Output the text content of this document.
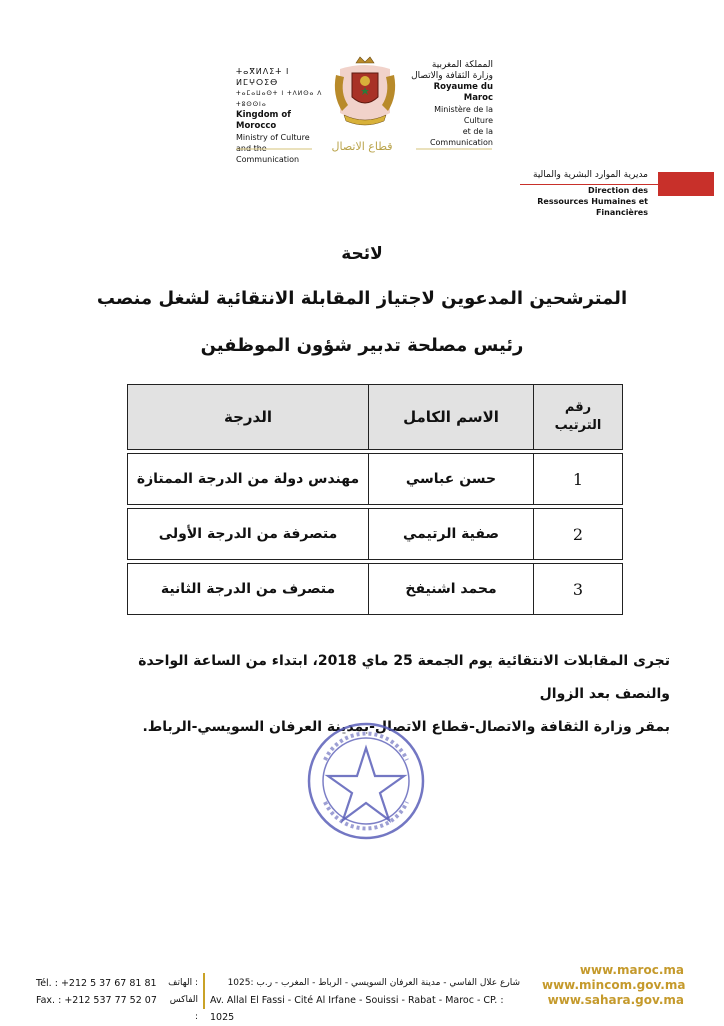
ⵜⴰⴳⵍⴷⵉⵜ ⵏ ⵍⵎⵖⵔⵉⴱ
ⵜⴰⵎⴰⵡⴰⵙⵜ ⵏ ⵜⴷⵍⵙⴰ ⴷ ⵜⵓⵙⵙⵏⴰ
Kingdom of Morocco
Ministry of Culture
and the Communication
المملكة المغربية
وزارة الثقافة والاتصال
Royaume du Maroc
Ministère de la Culture
et de la Communication
قطاع الاتصال
مديرية الموارد البشرية والمالية
Direction des
Ressources Humaines et Financières
لائحة
المترشحين المدعوين لاجتياز المقابلة الانتقائية لشغل منصب
رئيس مصلحة تدبير شؤون الموظفين
رقم
الترتيب	الاسم الكامل	الدرجة

1	حسن عباسي	مهندس دولة من الدرجة الممتازة

2	صفية الرتيمي	متصرفة من الدرجة الأولى

3	محمد اشنيفخ	متصرف من الدرجة الثانية
تجرى المقابلات الانتقائية يوم الجمعة 25 ماي 2018، ابتداء من الساعة الواحدة والنصف بعد الزوال
بمقر وزارة الثقافة والاتصال-قطاع الاتصال-بمدينة العرفان السويسي-الرباط.
Tél. : +212 5 37 67 81 81
Fax. : +212 537 77 52 07
الهاتف :
الفاكس :
شارع علال الفاسي - مدينة العرفان السويسي - الرباط - المغرب - ر.ب :1025
Av. Allal El Fassi - Cité Al Irfane - Souissi - Rabat - Maroc - CP. : 1025
www.maroc.ma
www.mincom.gov.ma
www.sahara.gov.ma
